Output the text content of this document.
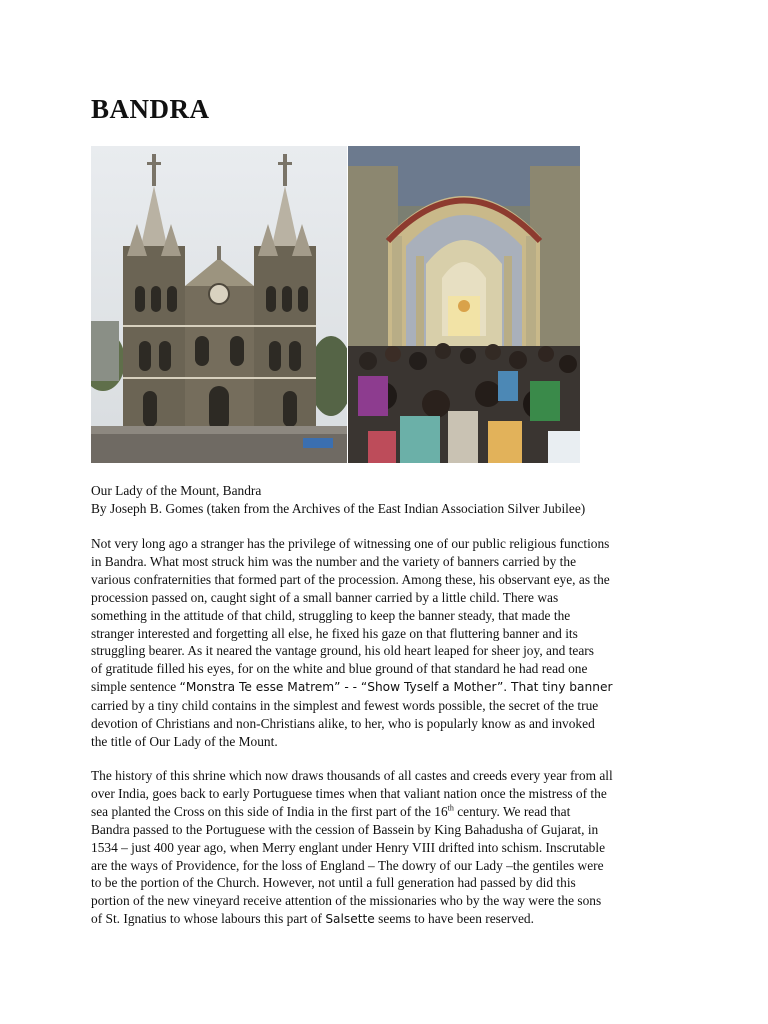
BANDRA
Our Lady of the Mount, Bandra
By Joseph B. Gomes (taken from the Archives of the East Indian Association Silver Jubilee)
Not very long ago a stranger has the privilege of witnessing one of our public religious functions
in Bandra. What most struck him was the number and the variety of banners carried by the
various confraternities that formed part of the procession. Among these, his observant eye, as the
procession passed on, caught sight of a small banner carried by a little child. There was
something in the attitude of that child, struggling to keep the banner steady, that made the
stranger interested and forgetting all else, he fixed his gaze on that fluttering banner and its
struggling bearer. As it neared the vantage ground, his old heart leaped for sheer joy, and tears
of gratitude filled his eyes, for on the white and blue ground of that standard he had read one
simple sentence “Monstra Te esse Matrem” - - “Show Tyself a Mother”. That tiny banner
carried by a tiny child contains in the simplest and fewest words possible, the secret of the true
devotion of Christians and non-Christians alike, to her, who is popularly know as and invoked
the title of Our Lady of the Mount.
The history of this shrine which now draws thousands of all castes and creeds every year from all
over India, goes back to early Portuguese times when that valiant nation once the mistress of the
sea planted the Cross on this side of India in the first part of the 16th century. We read that
Bandra passed to the Portuguese with the cession of Bassein by King Bahadusha of Gujarat, in
1534 – just 400 year ago, when Merry englant under Henry VIII drifted into schism. Inscrutable
are the ways of Providence, for the loss of England – The dowry of our Lady –the gentiles were
to be the portion of the Church. However, not until a full generation had passed by did this
portion of the new vineyard receive attention of the missionaries who by the way were the sons
of St. Ignatius to whose labours this part of Salsette seems to have been reserved.
